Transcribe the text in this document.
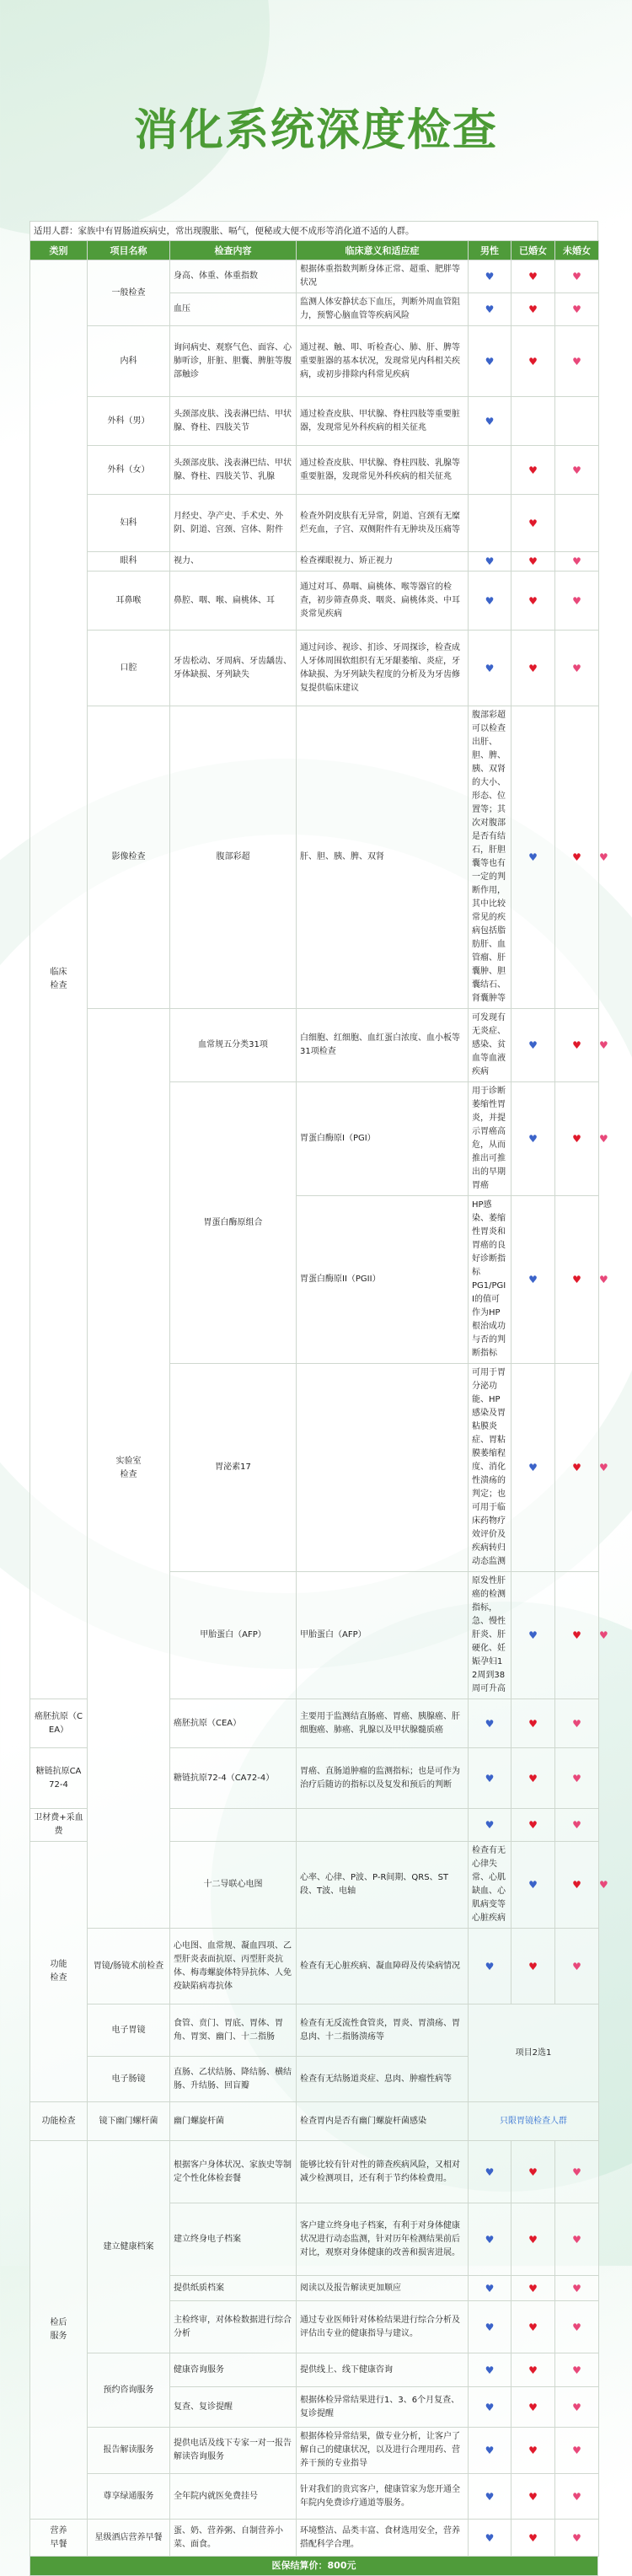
消化系统深度检查
适用人群：家族中有胃肠道疾病史，常出现腹胀、嗝气，便秘或大便不成形等消化道不适的人群。
类别	项目名称	检查内容	临床意义和适应症	男性	已婚女	未婚女	
临床
检查	一般检查	身高、体重、体重指数	根据体重指数判断身体正常、超重、肥胖等状况	♥	♥	♥	
		血压	监测人体安静状态下血压，判断外周血管阻力，预警心脑血管等疾病风险	♥	♥	♥	
	内科	询问病史、观察气色、面容、心肺听诊，肝脏、胆囊、脾脏等腹部触诊	通过视、触、叩、听检查心、肺、肝、脾等重要脏器的基本状况，发现常见内科相关疾病，或初步排除内科常见疾病	♥	♥	♥	
	外科（男）	头颈部皮肤、浅表淋巴结、甲状腺、脊柱、四肢关节	通过检查皮肤、甲状腺、脊柱四肢等重要脏器，发现常见外科疾病的相关征兆	♥			
	外科（女）	头颈部皮肤、浅表淋巴结、甲状腺、脊柱、四肢关节、乳腺	通过检查皮肤、甲状腺、脊柱四肢、乳腺等重要脏器，发现常见外科疾病的相关征兆		♥	♥	
	妇科	月经史、孕产史、手术史、外阴、阴道、宫颈、宫体、附件	检查外阴皮肤有无异常，阴道、宫颈有无糜烂充血，子宫、双侧附件有无肿块及压痛等		♥		
	眼科	视力、	检查裸眼视力、矫正视力	♥	♥	♥	
	耳鼻喉	鼻腔、咽、喉、扁桃体、耳	通过对耳、鼻咽、扁桃体、喉等器官的检查，初步筛查鼻炎、咽炎、扁桃体炎、中耳炎常见疾病	♥	♥	♥	
	口腔	牙齿松动、牙周病、牙齿龋齿、牙体缺损、牙列缺失	通过问诊、视诊、扪诊、牙周探诊，检查成人牙体周围软组织有无牙龈萎缩、炎症，牙体缺损、为牙列缺失程度的分析及为牙齿修复提供临床建议	♥	♥	♥	
	影像检查	腹部彩超	肝、胆、胰、脾、双肾	腹部彩超可以检查出肝、胆、脾、胰、双肾的大小、形态、位置等；其次对腹部是否有结石，肝胆囊等也有一定的判断作用，其中比较常见的疾病包括脂肪肝、血管瘤、肝囊肿、胆囊结石、肾囊肿等	♥	♥	♥
	实验室
检查	血常规五分类31项	白细胞、红细胞、血红蛋白浓度、血小板等31项检查	可发现有无炎症、感染、贫血等血液疾病	♥	♥	♥
		胃蛋白酶原组合	胃蛋白酶原I（PGI）	用于诊断萎缩性胃炎，并提示胃癌高危，从而推出可推出的早期胃癌	♥	♥	♥
			胃蛋白酶原II（PGII）	HP感染、萎缩性胃炎和胃癌的良好诊断指标
PG1/PGII的值可作为HP根治成功与否的判断指标	♥	♥	♥
		胃泌素17		可用于胃分泌功能、HP感染及胃粘膜炎症、胃粘膜萎缩程度、消化性溃疡的判定；也可用于临床药物疗效评价及疾病转归动态监测	♥	♥	♥
		甲胎蛋白（AFP）	甲胎蛋白（AFP）	原发性肝癌的检测指标，急、慢性肝炎、肝硬化、妊娠孕妇12周到38周可升高	♥	♥	♥
癌胚抗原（CEA）		癌胚抗原（CEA）	主要用于监测结直肠癌、胃癌、胰腺癌、肝细胞癌、肺癌、乳腺以及甲状腺髓质癌	♥	♥	♥	
糖链抗原CA72-4		糖链抗原72-4（CA72-4）	胃癌、直肠道肿瘤的监测指标；也是可作为治疗后随访的指标以及复发和预后的判断	♥	♥	♥	
卫材费+采血费				♥	♥	♥	
功能
检查		十二导联心电图	心率、心律、P波、P-R间期、QRS、ST段、T波、电轴	检查有无心律失常、心肌缺血、心肌病变等心脏疾病	♥	♥	♥
	胃镜/肠镜术前检查	心电图、血常规、凝血四项、乙型肝炎表面抗原、丙型肝炎抗体、梅毒螺旋体特异抗体、人免疫缺陷病毒抗体	检查有无心脏疾病、凝血障碍及传染病情况	♥	♥	♥	
	电子胃镜	食管、贲门、胃底、胃体、胃角、胃窦、幽门、十二指肠	检查有无反流性食管炎，胃炎、胃溃疡、胃息肉、十二指肠溃疡等	项目2选1			
	电子肠镜	直肠、乙状结肠、降结肠、横结肠、升结肠、回盲瓣	检查有无结肠道炎症、息肉、肿瘤性病等				
功能检查	镜下幽门螺杆菌	幽门螺旋杆菌	检查胃内是否有幽门螺旋杆菌感染	只限胃镜检查人群			
检后
服务	建立健康档案	根据客户身体状况、家族史等制定个性化体检套餐	能够比较有针对性的筛查疾病风险，又相对减少检测项目，还有利于节约体检费用。	♥	♥	♥	
		建立终身电子档案	客户建立终身电子档案，有利于对身体健康状况进行动态监测，针对历年检测结果前后对比，观察对身体健康的改善和损害进展。	♥	♥	♥	
		提供纸质档案	阅读以及报告解读更加顺应	♥	♥	♥	
		主检终审，对体检数据进行综合分析	通过专业医师针对体检结果进行综合分析及评估出专业的健康指导与建议。	♥	♥	♥	
	预约咨询服务	健康咨询服务	提供线上、线下健康咨询	♥	♥	♥	
		复查、复诊提醒	根据体检异常结果进行1、3、6个月复查、复诊提醒	♥	♥	♥	
	报告解读服务	提供电话及线下专家一对一报告解读咨询服务	根据体检异常结果，做专业分析，让客户了解自己的健康状况，以及进行合理用药、营养干预的专业指导	♥	♥	♥	
	尊享绿通服务	全年院内就医免费挂号	针对我们的贵宾客户，健康管家为您开通全年院内免费诊疗通道等服务。	♥	♥	♥	
营养
早餐	星级酒店营养早餐	蛋、奶、营养粥、自制营养小菜、面食。	环境整洁、品类丰富、食材选用安全，营养搭配科学合理。	♥	♥	♥	
医保结算价：800元
